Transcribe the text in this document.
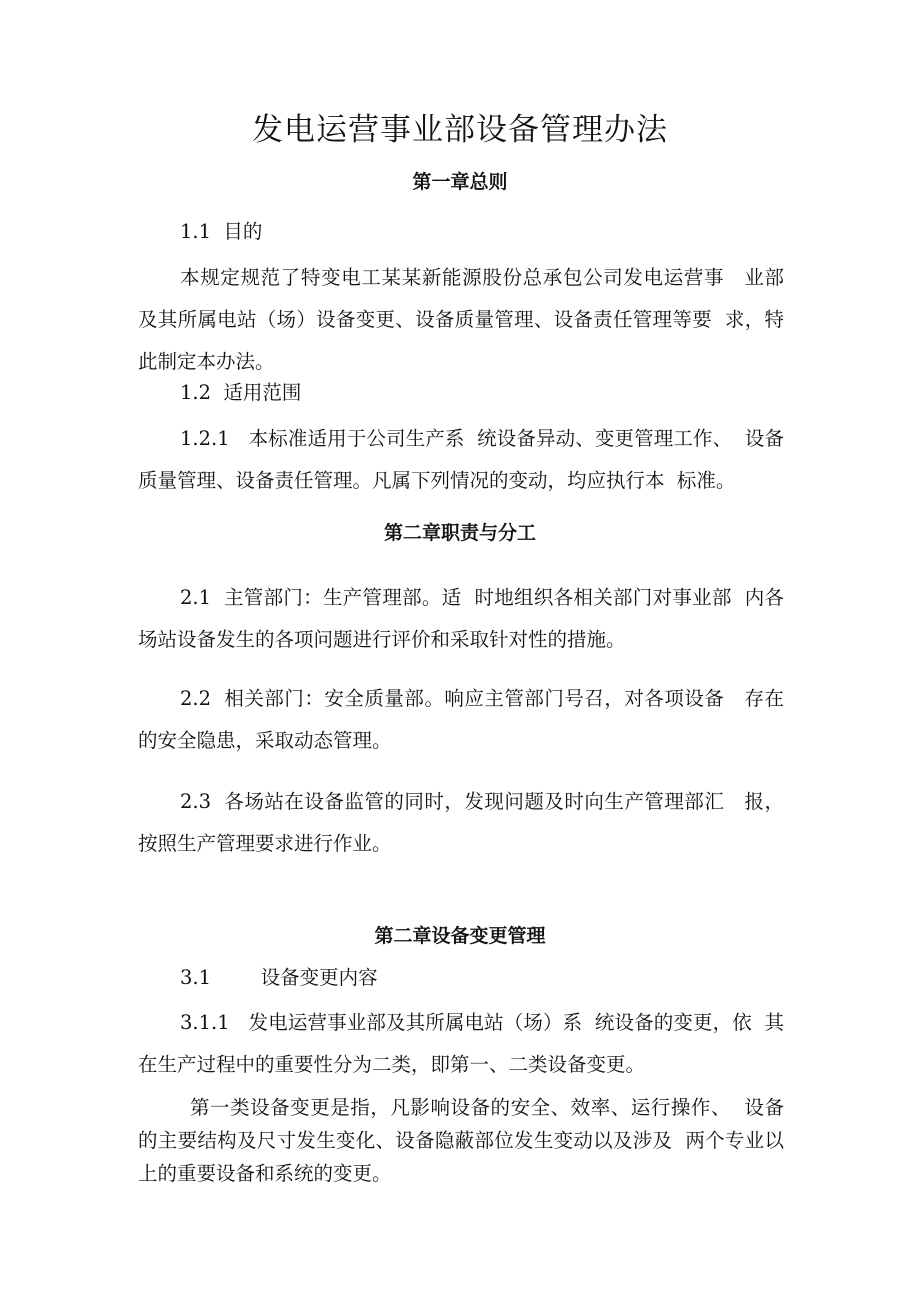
发电运营事业部设备管理办法
第一章总则

1.1  目的

本规定规范了特变电工某某新能源股份总承包公司发电运营事　业部
及其所属电站（场）设备变更、设备质量管理、设备责任管理等要  求，特
此制定本办法。

1.2  适用范围

1.2.1   本标准适用于公司生产系  统设备异动、变更管理工作、  设备
质量管理、设备责任管理。凡属下列情况的变动，均应执行本  标准。
第二章职责与分工
2.1  主管部门：生产管理部。适  时地组织各相关部门对事业部  内各
场站设备发生的各项问题进行评价和采取针对性的措施。
2.2  相关部门：安全质量部。响应主管部门号召，对各项设备   存在
的安全隐患，采取动态管理。
2.3  各场站在设备监管的同时，发现问题及时向生产管理部汇   报，
按照生产管理要求进行作业。
第二章设备变更管理

3.1        设备变更内容

3.1.1   发电运营事业部及其所属电站（场）系  统设备的变更，依  其
在生产过程中的重要性分为二类，即第一、二类设备变更。
第一类设备变更是指，凡影响设备的安全、效率、运行操作、  设备
的主要结构及尺寸发生变化、设备隐蔽部位发生变动以及涉及  两个专业以
上的重要设备和系统的变更。
